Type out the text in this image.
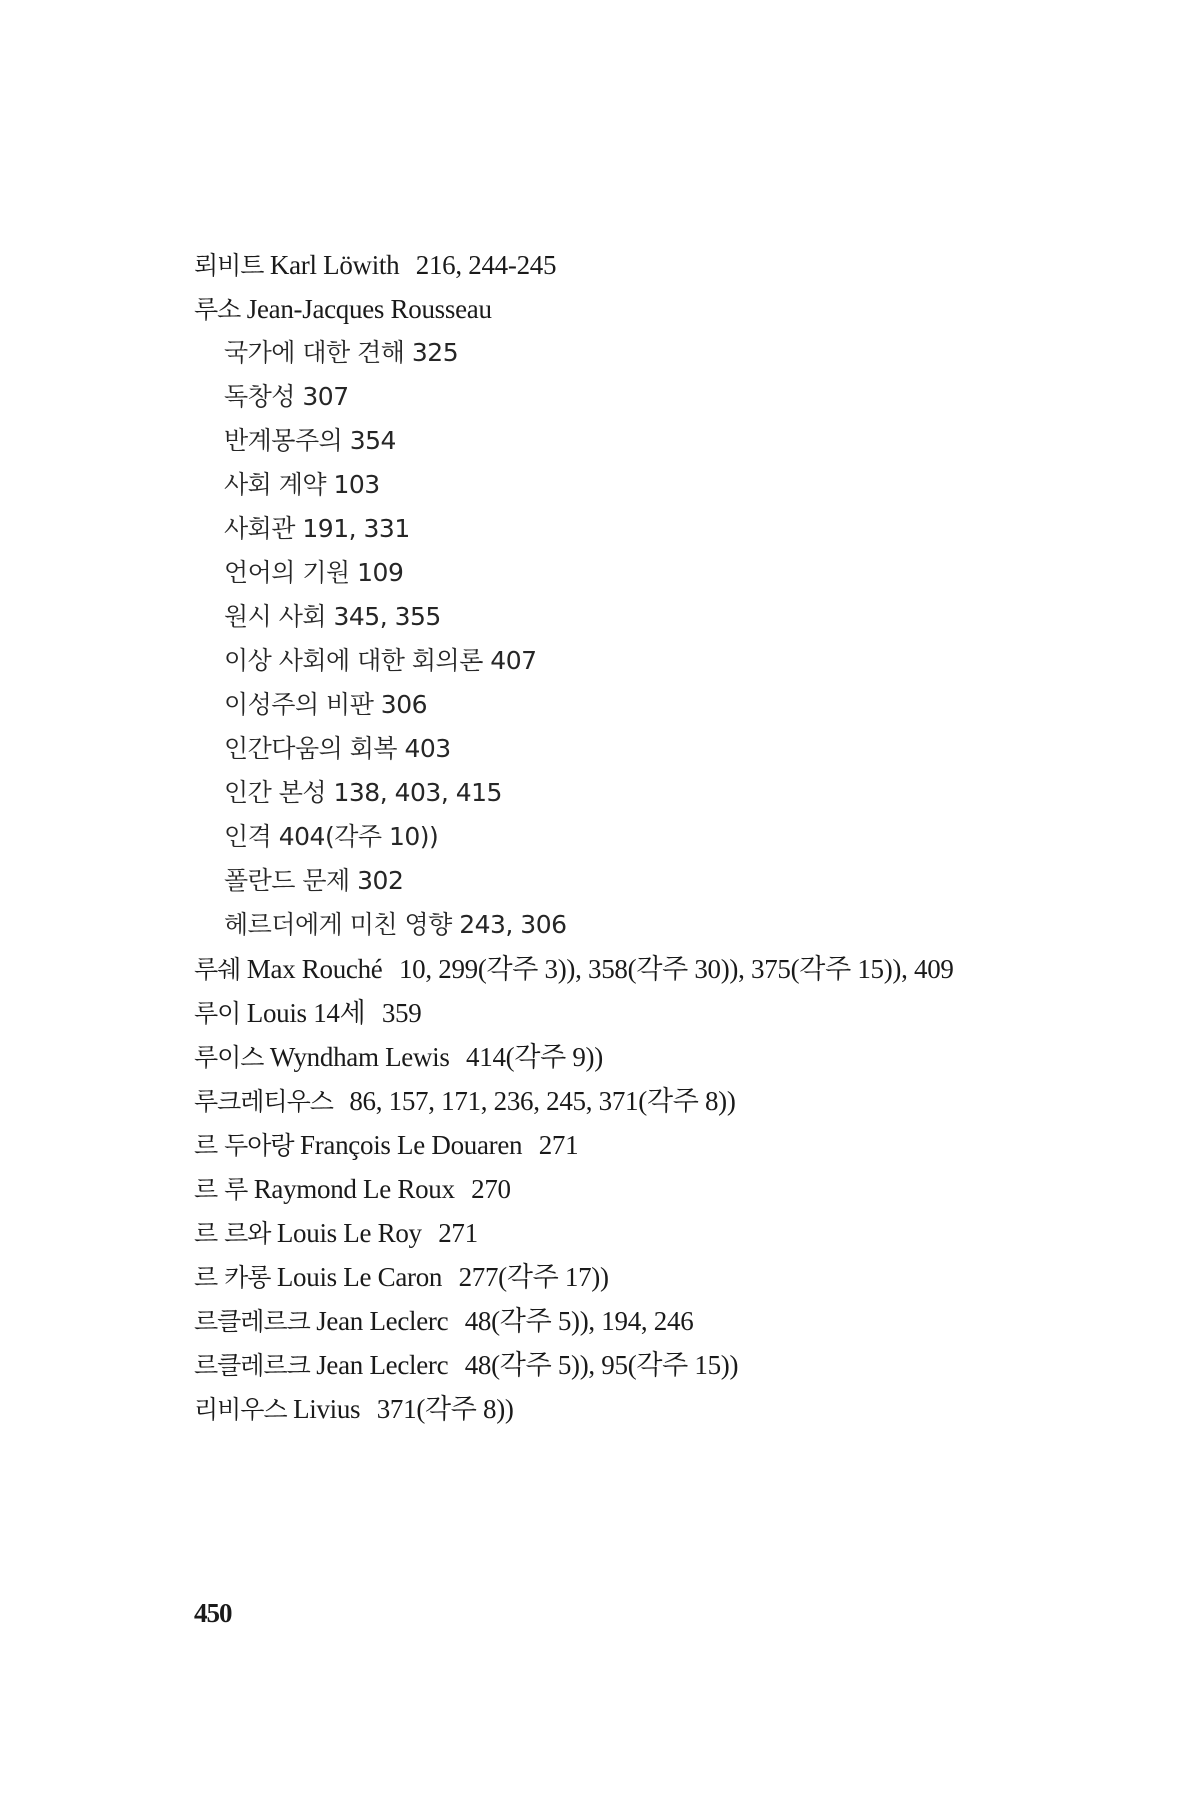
뢰비트 Karl Löwith 216, 244-245
루소 Jean-Jacques Rousseau
국가에 대한 견해 325
독창성 307
반계몽주의 354
사회 계약 103
사회관 191, 331
언어의 기원 109
원시 사회 345, 355
이상 사회에 대한 회의론 407
이성주의 비판 306
인간다움의 회복 403
인간 본성 138, 403, 415
인격 404(각주 10))
폴란드 문제 302
헤르더에게 미친 영향 243, 306
루쉐 Max Rouché 10, 299(각주 3)), 358(각주 30)), 375(각주 15)), 409
루이 Louis 14세 359
루이스 Wyndham Lewis 414(각주 9))
루크레티우스 86, 157, 171, 236, 245, 371(각주 8))
르 두아랑 François Le Douaren 271
르 루 Raymond Le Roux 270
르 르와 Louis Le Roy 271
르 카롱 Louis Le Caron 277(각주 17))
르클레르크 Jean Leclerc 48(각주 5)), 194, 246
르클레르크 Jean Leclerc 48(각주 5)), 95(각주 15))
리비우스 Livius 371(각주 8))
450
